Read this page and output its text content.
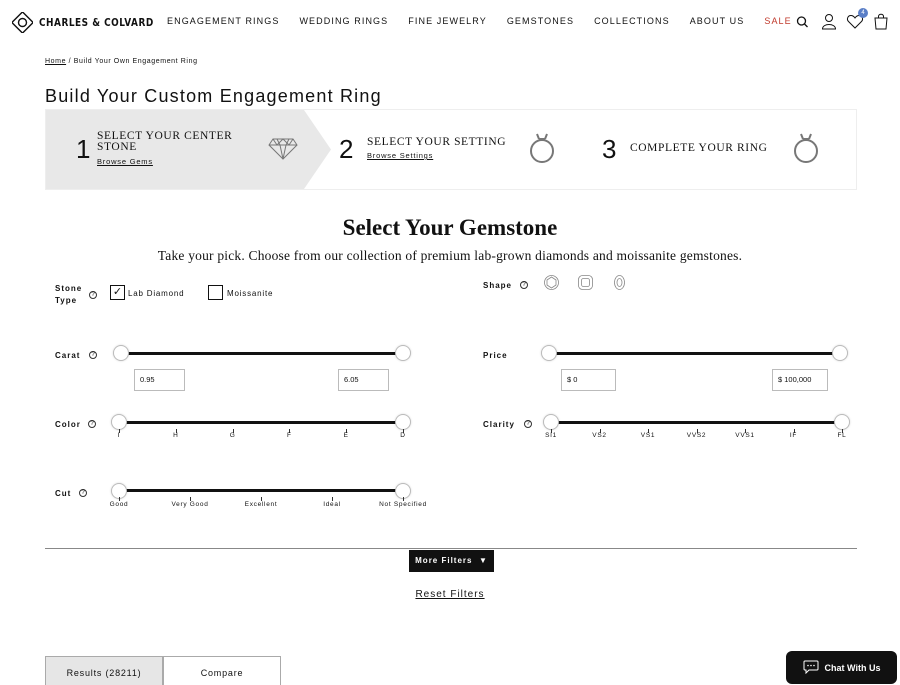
CHARLES & COLVARD ENGAGEMENT RINGS WEDDING RINGS FINE JEWELRY GEMSTONES COLLECTIONS ABOUT US SALE
4
Home / Build Your Own Engagement Ring
Build Your Custom Engagement Ring
1 SELECT YOUR CENTER STONE
Browse Gems	2 SELECT YOUR SETTING
Browse Settings	3 COMPLETE YOUR RING
Select Your Gemstone

Take your pick. Choose from our collection of premium lab-grown diamonds and moissanite gemstones.

Stone Type
? ✓ Lab Diamond	Moissanite
Shape	?
Carat	?
0.95	6.05
Price
$ 0	$ 100,000
Color	?
I	H	G	F	E	D
Clarity	?
SI1	VS2	VS1	VVS2	VVS1	IF	FL
Cut	?
Good	Very Good	Excellent	Ideal	Not Specified
More Filters ▼
Reset Filters
Results (28211)	Compare
Chat With Us
